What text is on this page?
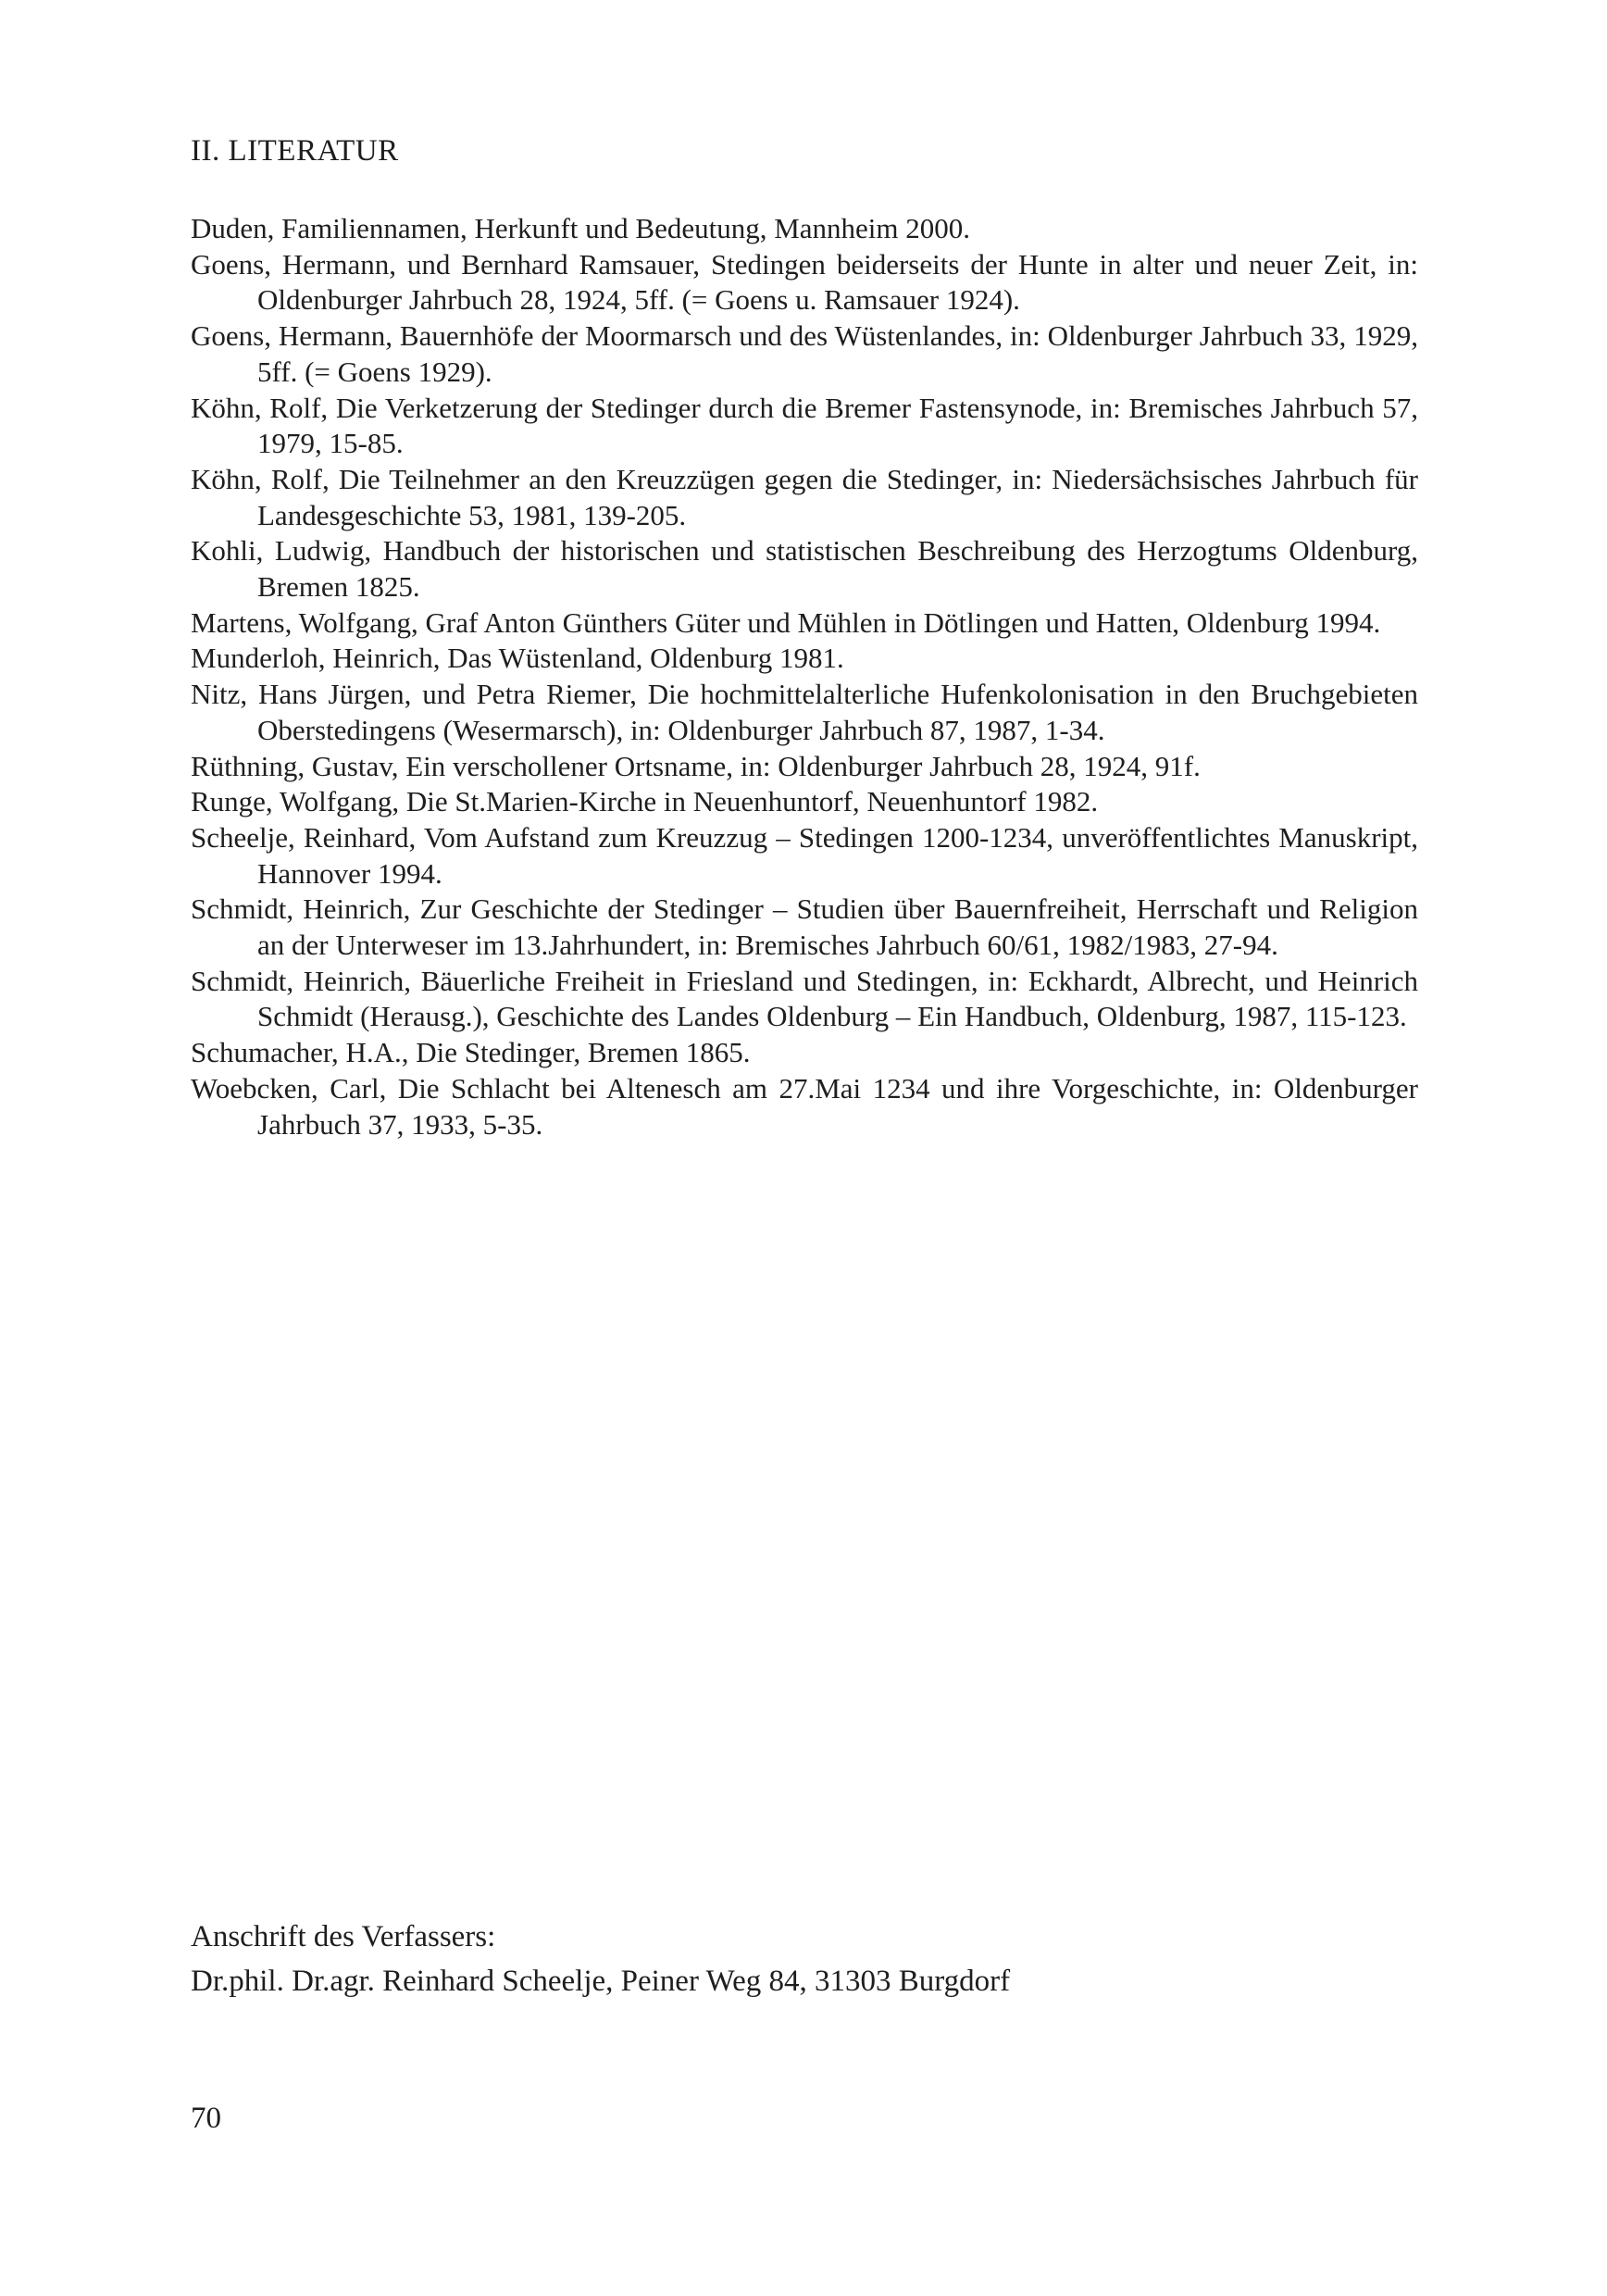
II. LITERATUR
Duden, Familiennamen, Herkunft und Bedeutung, Mannheim 2000.
Goens, Hermann, und Bernhard Ramsauer, Stedingen beiderseits der Hunte in alter und neuer Zeit, in: Oldenburger Jahrbuch 28, 1924, 5ff. (= Goens u. Ramsauer 1924).
Goens, Hermann, Bauernhöfe der Moormarsch und des Wüstenlandes, in: Oldenburger Jahrbuch 33, 1929, 5ff. (= Goens 1929).
Köhn, Rolf, Die Verketzerung der Stedinger durch die Bremer Fastensynode, in: Bremisches Jahrbuch 57, 1979, 15-85.
Köhn, Rolf, Die Teilnehmer an den Kreuzzügen gegen die Stedinger, in: Niedersächsisches Jahrbuch für Landesgeschichte 53, 1981, 139-205.
Kohli, Ludwig, Handbuch der historischen und statistischen Beschreibung des Herzogtums Oldenburg, Bremen 1825.
Martens, Wolfgang, Graf Anton Günthers Güter und Mühlen in Dötlingen und Hatten, Oldenburg 1994.
Munderloh, Heinrich, Das Wüstenland, Oldenburg 1981.
Nitz, Hans Jürgen, und Petra Riemer, Die hochmittelalterliche Hufenkolonisation in den Bruchgebieten Oberstedingens (Wesermarsch), in: Oldenburger Jahrbuch 87, 1987, 1-34.
Rüthning, Gustav, Ein verschollener Ortsname, in: Oldenburger Jahrbuch 28, 1924, 91f.
Runge, Wolfgang, Die St.Marien-Kirche in Neuenhuntorf, Neuenhuntorf 1982.
Scheelje, Reinhard, Vom Aufstand zum Kreuzzug – Stedingen 1200-1234, unveröffentlichtes Manuskript, Hannover 1994.
Schmidt, Heinrich, Zur Geschichte der Stedinger – Studien über Bauernfreiheit, Herrschaft und Religion an der Unterweser im 13.Jahrhundert, in: Bremisches Jahrbuch 60/61, 1982/1983, 27-94.
Schmidt, Heinrich, Bäuerliche Freiheit in Friesland und Stedingen, in: Eckhardt, Albrecht, und Heinrich Schmidt (Herausg.), Geschichte des Landes Oldenburg – Ein Handbuch, Oldenburg, 1987, 115-123.
Schumacher, H.A., Die Stedinger, Bremen 1865.
Woebcken, Carl, Die Schlacht bei Altenesch am 27.Mai 1234 und ihre Vorgeschichte, in: Oldenburger Jahrbuch 37, 1933, 5-35.
Anschrift des Verfassers:
Dr.phil. Dr.agr. Reinhard Scheelje, Peiner Weg 84, 31303 Burgdorf
70
